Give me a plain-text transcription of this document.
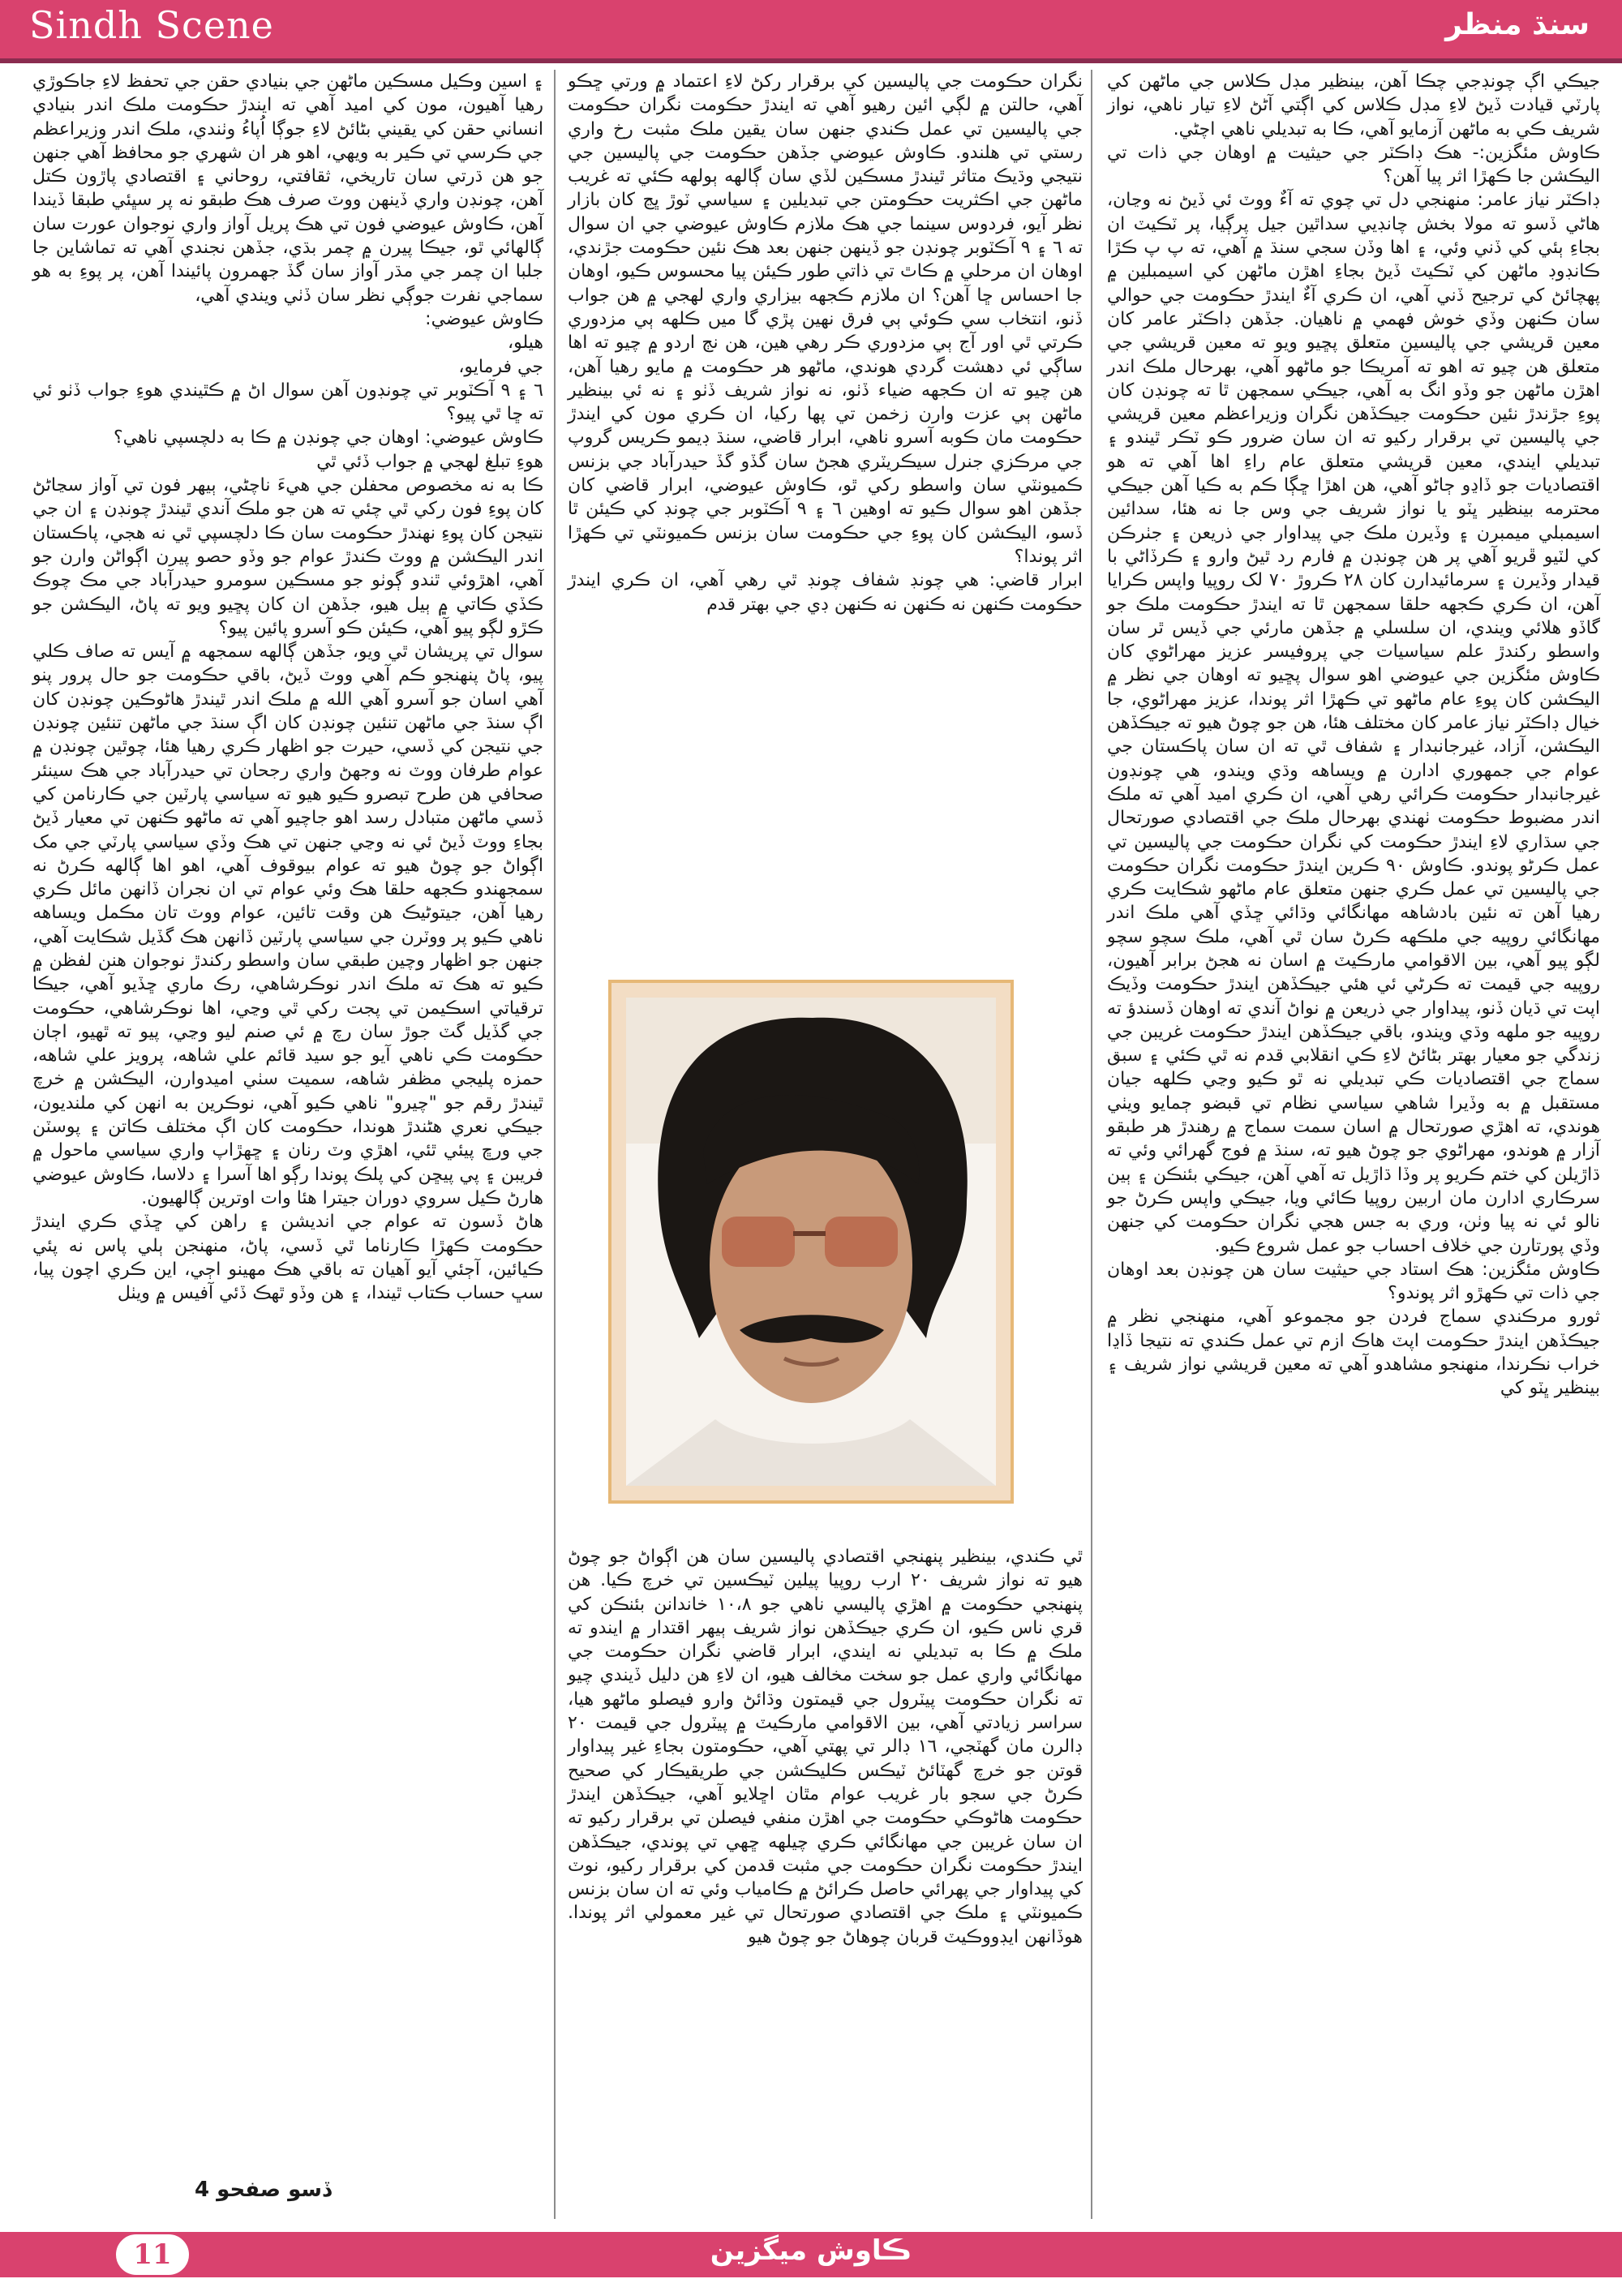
Sindh Scene	سنڌ منظر
جيڪي اڳ چونڊجي چڪا آهن، بينظير مڊل ڪلاس جي ماڻهن کي پارٽي قيادت ڏيڻ لاءِ مڊل ڪلاس کي اڳتي آڻڻ لاءِ تيار ناهي، نواز شريف ڪي به ماڻهن آزمايو آهي، ڪا به تبديلي ناهي اچڻي.
ڪاوش مئگزين:- هڪ ڊاڪٽر جي حيثيت ۾ اوهان جي ذات تي اليڪشن جا ڪهڙا اثر پيا آهن؟
ڊاڪٽر نياز عامر: منهنجي دل تي چوي ته آءٌ ووٽ ئي ڏيڻ نه وڃان، هاڻي ڏسو ته مولا بخش چانڊيي سداٿين جيل پرڳيا، پر ٽڪيٽ ان بجاءِ ٻئي کي ڏني وئي، ۽ اها وڏن سجي سنڌ ۾ آهي، ته پ پ ڪڙا ڪانڊوڊ ماڻهن کي ٽڪيٽ ڏيڻ بجاءِ اهڙن ماڻهن کي اسيمبلين ۾ پهچائڻ کي ترجيح ڏني آهي، ان ڪري آءٌ ايندڙ حڪومت جي حوالي سان ڪنهن وڏي خوش فهمي ۾ ناهيان. جڏهن ڊاڪٽر عامر کان معين قريشي جي پاليسين متعلق پڇيو ويو ته معين قريشي جي متعلق هن چيو ته اهو ته آمريڪا جو ماڻهو آهي، بهرحال ملڪ اندر اهڙن ماڻهن جو وڏو انگ به آهي، جيڪي سمجهن ٿا ته چونڊن کان پوءِ جڙندڙ نئين حڪومت جيڪڏهن نگران وزيراعظم معين قريشي جي پاليسين تي برقرار رکيو ته ان سان ضرور ڪو ٽڪر ٿيندو ۽ تبديلي ايندي، معين قريشي متعلق عام راءِ اها آهي ته هو اقتصاديات جو ڏاڍو ڄاڻو آهي، هن اهڙا ڇڳا ڪم به ڪيا آهن جيڪي محترمه بينظير ڀٽو يا نواز شريف جي وس جا نه هئا، سدائين اسيمبلي ميمبرن ۽ وڏيرن ملڪ جي پيداوار جي ذريعن ۽ جٺرڪن کي لٽيو ڦريو آهي پر هن چونڊن ۾ فارم رد ٿيڻ وارو ۽ ڪرڏاڻي با قيدار وڏيرن ۽ سرمائيدارن کان ٢٨ ڪروڙ ٧٠ لک روپيا واپس ڪرايا آهن، ان ڪري ڪجهه حلقا سمجهن ٿا ته ايندڙ حڪومت ملڪ جو گاڏو هلائي ويندي، ان سلسلي ۾ جڏهن مارئي جي ڏيس ٿر سان واسطو رکندڙ علم سياسيات جي پروفيسر عزيز مهراڻوي کان ڪاوش مئگزين جي عيوضي اهو سوال پڇيو ته اوهان جي نظر ۾ اليڪشن کان پوءِ عام ماڻهو تي ڪهڙا اثر پوندا، عزيز مهراڻوي، جا خيال ڊاڪٽر نياز عامر کان مختلف هئا، هن جو چوڻ هيو ته جيڪڏهن اليڪشن، آزاد، غيرجانبدار ۽ شفاف ٿي ته ان سان پاڪستان جي عوام جي جمهوري ادارن ۾ ويساهه وڌي ويندو، هي چونڊون غيرجانبدار حڪومت ڪرائي رهي آهي، ان ڪري اميد آهي ته ملڪ اندر مضبوط حڪومت ٺهندي بهرحال ملڪ جي اقتصادي صورتحال جي سڌاري لاءِ ايندڙ حڪومت کي نگران حڪومت جي پاليسين تي عمل ڪرڻو پوندو. ڪاوش ٩٠ ڪرين ايندڙ حڪومت نگران حڪومت جي پاليسين تي عمل ڪري جنهن متعلق عام ماڻهو شڪايت ڪري رهيا آهن ته نئين بادشاهه مهانگائي وڌائي ڇڏي آهي ملڪ اندر مهانگائي روپيه جي ملڪهه ڪرڻ سان ٿي آهي، ملڪ سچو سچو لڳو پيو آهي، بين الاقوامي مارڪيٽ ۾ اسان نه هجڻ برابر آهيون، روپيه جي قيمت ته ڪرڻي ئي هئي جيڪڏهن ايندڙ حڪومت وڏيڪ اپت تي ڌيان ڏنو، پيداوار جي ذريعن ۾ نواڻ آندي ته اوهان ڏسندؤ ته روپيه جو ملهه وڌي ويندو، باقي جيڪڏهن ايندڙ حڪومت غريبن جي زندگي جو معيار بهتر بڻائڻ لاءِ ڪي انقلابي قدم نه ٿي ڪئي ۽ سبق سماج جي اقتصاديات ڪي تبديلي نه ٿو ڪيو وڃي ڪلهه جيان مستقبل ۾ به وڏيرا شاهي سياسي نظام تي قبضو ڄمايو ويٺي هوندي، ته اهڙي صورتحال ۾ اسان سمت سماج ۾ رهندڙ هر طبقو آزار ۾ هوندو، مهراڻوي جو چوڻ هيو ته، سنڌ ۾ فوج گهرائي وئي ته ڌاڙيلن کي ختم ڪريو پر وڏا ڌاڙيل ته آهي آهن، جيڪي بئنڪن ۽ ٻين سرڪاري ادارن مان اربين روپيا ڪائي ويا، جيڪي واپس ڪرڻ جو نالو ئي نه پيا وٺن، وري به جس هجي نگران حڪومت کي جنهن وڏي پورتارن جي خلاف احساب جو عمل شروع ڪيو.
ڪاوش مئگزين: هڪ استاد جي حيثيت سان هن چونڊن بعد اوهان جي ذات تي ڪهڙو اثر پوندو؟
ثورو مرڪندي سماج فردن جو مجموعو آهي، منهنجي نظر ۾ جيڪڏهن ايندڙ حڪومت اپٽ هاڪ ازم تي عمل ڪندي ته نتيجا ڏاڍا خراب نڪرندا، منهنجو مشاهدو آهي ته معين قريشي نواز شريف ۽ بينظير ڀٽو کي
نگران حڪومت جي پاليسين کي برقرار رکڻ لاءِ اعتماد ۾ ورتي ڇڪو آهي، حالتن ۾ لڳي ائين رهيو آهي ته ايندڙ حڪومت نگران حڪومت جي پاليسين تي عمل ڪندي جنهن سان يقين ملڪ مثبت رخ واري رستي تي هلندو. ڪاوش عيوضي جڏهن حڪومت جي پاليسين جي نتيجي وڌيڪ متاثر ٿيندڙ مسڪين لڏي سان ڳالهه ٻولهه ڪئي ته غريب ماڻهن جي اڪثريت حڪومتن جي تبديلين ۽ سياسي ٽوڙ ڀڃ کان بازار نظر آيو، فردوس سينما جي هڪ ملازم ڪاوش عيوضي جي ان سوال ته ٦ ۽ ٩ آڪٽوبر چونڊن جو ڏينهن جنهن بعد هڪ نئين حڪومت جڙندي، اوهان ان مرحلي ۾ ڪاٿ تي ذاتي طور ڪيئن پيا محسوس ڪيو، اوهان جا احساس ڇا آهن؟ ان ملازم ڪجهه بيزاري واري لهجي ۾ هن جواب ڏنو، انتخاب سي ڪوئي ٻي فرق نهين پڙي گا ميں ڪلهه ٻي مزدوري ڪرتي ٿي اور آج ٻي مزدوري ڪر رهي هين، هن نڄ اردو ۾ چيو ته اها ساڳي ئي دهشت گردي هوندي، ماڻهو هر حڪومت ۾ مايو رهيا آهن، هن چيو ته ان ڪجهه ضياء ڏٺو، نه نواز شريف ڏٺو ۽ نه ئي بينظير ماڻهن ٻي عزت وارن زخمن تي پها رکيا، ان ڪري مون کي ايندڙ حڪومت مان ڪوبه آسرو ناهي، ابرار قاضي، سنڌ ڊيمو ڪريس گروپ جي مرڪزي جنرل سيڪريٽري هجڻ سان گڏو گڏ حيدرآباد جي بزنس ڪميونٽي سان واسطو رکي ٿو، ڪاوش عيوضي، ابرار قاضي کان جڏهن اهو سوال ڪيو ته اوهين ٦ ۽ ٩ آڪٽوبر جي چونڊ کي ڪيئن ٿا ڏسو، اليڪشن کان پوءِ جي حڪومت سان بزنس ڪميونٽي تي ڪهڙا اثر پوندا؟
ابرار قاضي: هي چونڊ شفاف چونڊ ٿي رهي آهي، ان ڪري ايندڙ حڪومت ڪنهن نه ڪنهن نه ڪنهن ڊي جي بهتر قدم
ٿي ڪندي، بينظير پنهنجي اقتصادي پاليسين سان هن اڳواڻ جو چوڻ هيو ته نواز شريف ٢٠ ارب روپيا پيلين ٽيڪسين تي خرچ ڪيا. هن پنهنجي حڪومت ۾ اهڙي پاليسي ناهي جو ١٠،٨ خاندانن بئنڪن کي قري ناس ڪيو، ان ڪري جيڪڏهن نواز شريف ٻيهر اقتدار ۾ ايندو ته ملڪ ۾ ڪا به تبديلي نه ايندي، ابرار قاضي نگران حڪومت جي مهانگائي واري عمل جو سخت مخالف هيو، ان لاءِ هن دليل ڏيندي چيو ته نگران حڪومت پيٽرول جي قيمتون وڌائڻ وارو فيصلو ماڻهو هيا، سراسر زيادتي آهي، بين الاقوامي مارڪيٽ ۾ پيٽرول جي قيمت ٢٠ ڊالرن مان گهٽجي، ١٦ ڊالر تي پهتي آهي، حڪومتون بجاءِ غير پيداوار قوتن جو خرچ گهٽائڻ ٽيڪس ڪليڪشن جي طريقيڪار کي صحيح ڪرڻ جي سجو بار غريب عوام مٿان اڇلايو آهي، جيڪڏهن ايندڙ حڪومت هاڻوڪي حڪومت جي اهڙن منفي فيصلن تي برقرار رکيو ته ان سان غريبن جي مهانگائي ڪري چيلهه ڇهي تي پوندي، جيڪڏهن ايندڙ حڪومت نگران حڪومت جي مثبت قدمن کي برقرار رکيو، نوٽ کي پيداوار جي پهرائي حاصل ڪرائڻ ۾ ڪامياب وئي ته ان سان بزنس ڪميونٽي ۽ ملڪ جي اقتصادي صورتحال تي غير معمولي اثر پوندا. هوڏانهن ايڊووڪيٽ قربان چوهاڻ جو چوڻ هيو
۽ اسين وڪيل مسڪين ماڻهن جي بنيادي حقن جي تحفظ لاءِ جاڪوڙي رهيا آهيون، مون کي اميد آهي ته ايندڙ حڪومت ملڪ اندر بنيادي انساني حقن کي يقيني بڻائڻ لاءِ جوڳا اُپاءُ وٺندي، ملڪ اندر وزيراعظم جي ڪرسي تي ڪير به ويهي، اهو هر ان شهري جو محافظ آهي جنهن جو هن ڌرتي سان تاريخي، ثقافتي، روحاني ۽ اقتصادي پاڙون ڪتل آهن، چونڊن واري ڏينهن ووٽ صرف هڪ طبقو نه پر سڀئي طبقا ڏيندا آهن، ڪاوش عيوضي فون تي هڪ پريل آواز واري نوجوان عورت سان ڳالهائي ٿو، جيڪا پيرن ۾ چمر بڌي، جڏهن نجندي آهي ته تماشاين جا جلبا ان چمر جي مڌر آواز سان گڏ جهمرون پائيندا آهن، پر پوءِ به هو سماجي نفرت جوڳي نظر سان ڏٺي ويندي آهي،
ڪاوش عيوضي:
هيلو،
جي فرمايو،
٦ ۽ ٩ آڪٽوبر تي چونڊون آهن سوال اڻ ۾ ڪٿيندي هوءِ جواب ڏٺو ئي ته ڇا ٿي پيو؟
ڪاوش عيوضي: اوهان جي چونڊن ۾ ڪا به دلچسپي ناهي؟
هوءِ تبلغ لهجي ۾ جواب ڏئي ٿي
ڪا به نه مخصوص محفلن جي هيءَ ناچڻي، ٻيهر فون تي آواز سڃاڻڻ کان پوءِ فون رکي ٿي چئي ته هن جو ملڪ آندي ٿيندڙ چونڊن ۽ ان جي نتيجن کان پوءِ نهندڙ حڪومت سان ڪا دلچسپي ٿي نه هجي، پاڪستان اندر اليڪشن ۾ ووٽ ڪندڙ عوام جو وڏو حصو پيرن اڳواڻن وارن جو آهي، اهڙوئي ٿندو ڳوٺو جو مسڪين سومرو حيدرآباد جي مڪ چوڪ ڪڏي ڪاتي ۾ ٻيل هيو، جڏهن ان کان پڇيو ويو ته پاڻ، اليڪشن جو ڪڙو لڳو پيو آهي، ڪيئن ڪو آسرو پائين پيو؟
سوال تي پريشان ٿي ويو، جڏهن ڳالهه سمجهه ۾ آيس ته صاف ڪلي پيو، پاڻ پنهنجو ڪم آهي ووٽ ڏيڻ، باقي حڪومت جو حال پرور پنو آهي اسان جو آسرو آهي الله ۾ ملڪ اندر ٿيندڙ هاڻوڪين چونڊن کان اڳ سنڌ جي ماڻهن تنئين چونڊن کان اڳ سنڌ جي ماڻهن تنئين چونڊن جي نتيجن کي ڏسي، حيرت جو اظهار ڪري رهيا هئا، چوٿين چونڊن ۾ عوام طرفان ووٽ نه وجهڻ واري رجحان تي حيدرآباد جي هڪ سينئر صحافي هن طرح تبصرو ڪيو هيو ته سياسي پارٽين جي ڪارنامن کي ڏسي ماڻهن متبادل رسد اهو جاچيو آهي ته ماڻهو ڪنهن تي معيار ڏيڻ بجاءِ ووٽ ڏيڻ ئي نه وڃي جنهن تي هڪ وڏي سياسي پارٽي جي مک اڳواڻ جو چوڻ هيو ته عوام بيوقوف آهي، اهو اها ڳالهه ڪرڻ نه سمجهندو ڪجهه حلقا هڪ وئي عوام تي ان نجران ڏانهن مائل ڪري رهيا آهن، جيتوڻيڪ هن وقت تائين، عوام ووٽ تان مڪمل ويساهه ناهي ڪيو پر ووٽرن جي سياسي پارٽين ڏانهن هڪ گڏيل شڪايت آهي، جنهن جو اظهار وچين طبقي سان واسطو رکندڙ نوجوان هنن لفظن ۾ ڪيو ته هڪ ته ملڪ اندر نوڪرشاهي، رڪ ماري ڇڏيو آهي، جيڪا ترقياتي اسڪيمن تي پجت رکي ٿي وڃي، اها نوڪرشاهي، حڪومت جي گڏيل گٽ جوڙ سان رچ ۾ ئي صنم ليو وڃي، پيو ته ٿهيو، اڄان حڪومت ڪي ناهي آيو جو سيد قائم علي شاهه، پرويز علي شاهه، حمزه پليجي مظفر شاهه، سميت سٺي اميدوارن، اليڪشن ۾ خرچ ٿيندڙ رقم جو "چيرو" ناهي ڪيو آهي، نوڪرين به انهن کي ملنديون، جيڪي نعري هڻندڙ هوندا، حڪومت کان اڳ مختلف ڪاتن ۽ پوسٽن جي ورڇ پيئي ٿئي، اهڙي وٽ رنان ۽ ڇهڙاپ واري سياسي ماحول ۾ فريبن ۽ پي پيڇن کي پلڪ پوندا رڳو اها آسرا ۽ دلاسا، ڪاوش عيوضي هارڻ ڪيل سروي دوران جيترا هئا وات اوترين ڳالهيون.
هاڻ ڏسون ته عوام جي انديشن ۽ راهن کي ڇڏي ڪري ايندڙ حڪومت ڪهڙا ڪارناما ٿي ڏسي، پاڻ، منهنجن ٻلي پاس نه پئي ڪيائين، آڄئي آيو آهيان ته باقي هڪ مهينو اڄي، اين ڪري اچون پيا، سڀ حساب ڪتاب ٿيندا، ۽ هن وڏو ٿهڪ ڏئي آفيس ۾ ويٺل
ڏسو صفحو 4
ڪاوش ميگزين
11
